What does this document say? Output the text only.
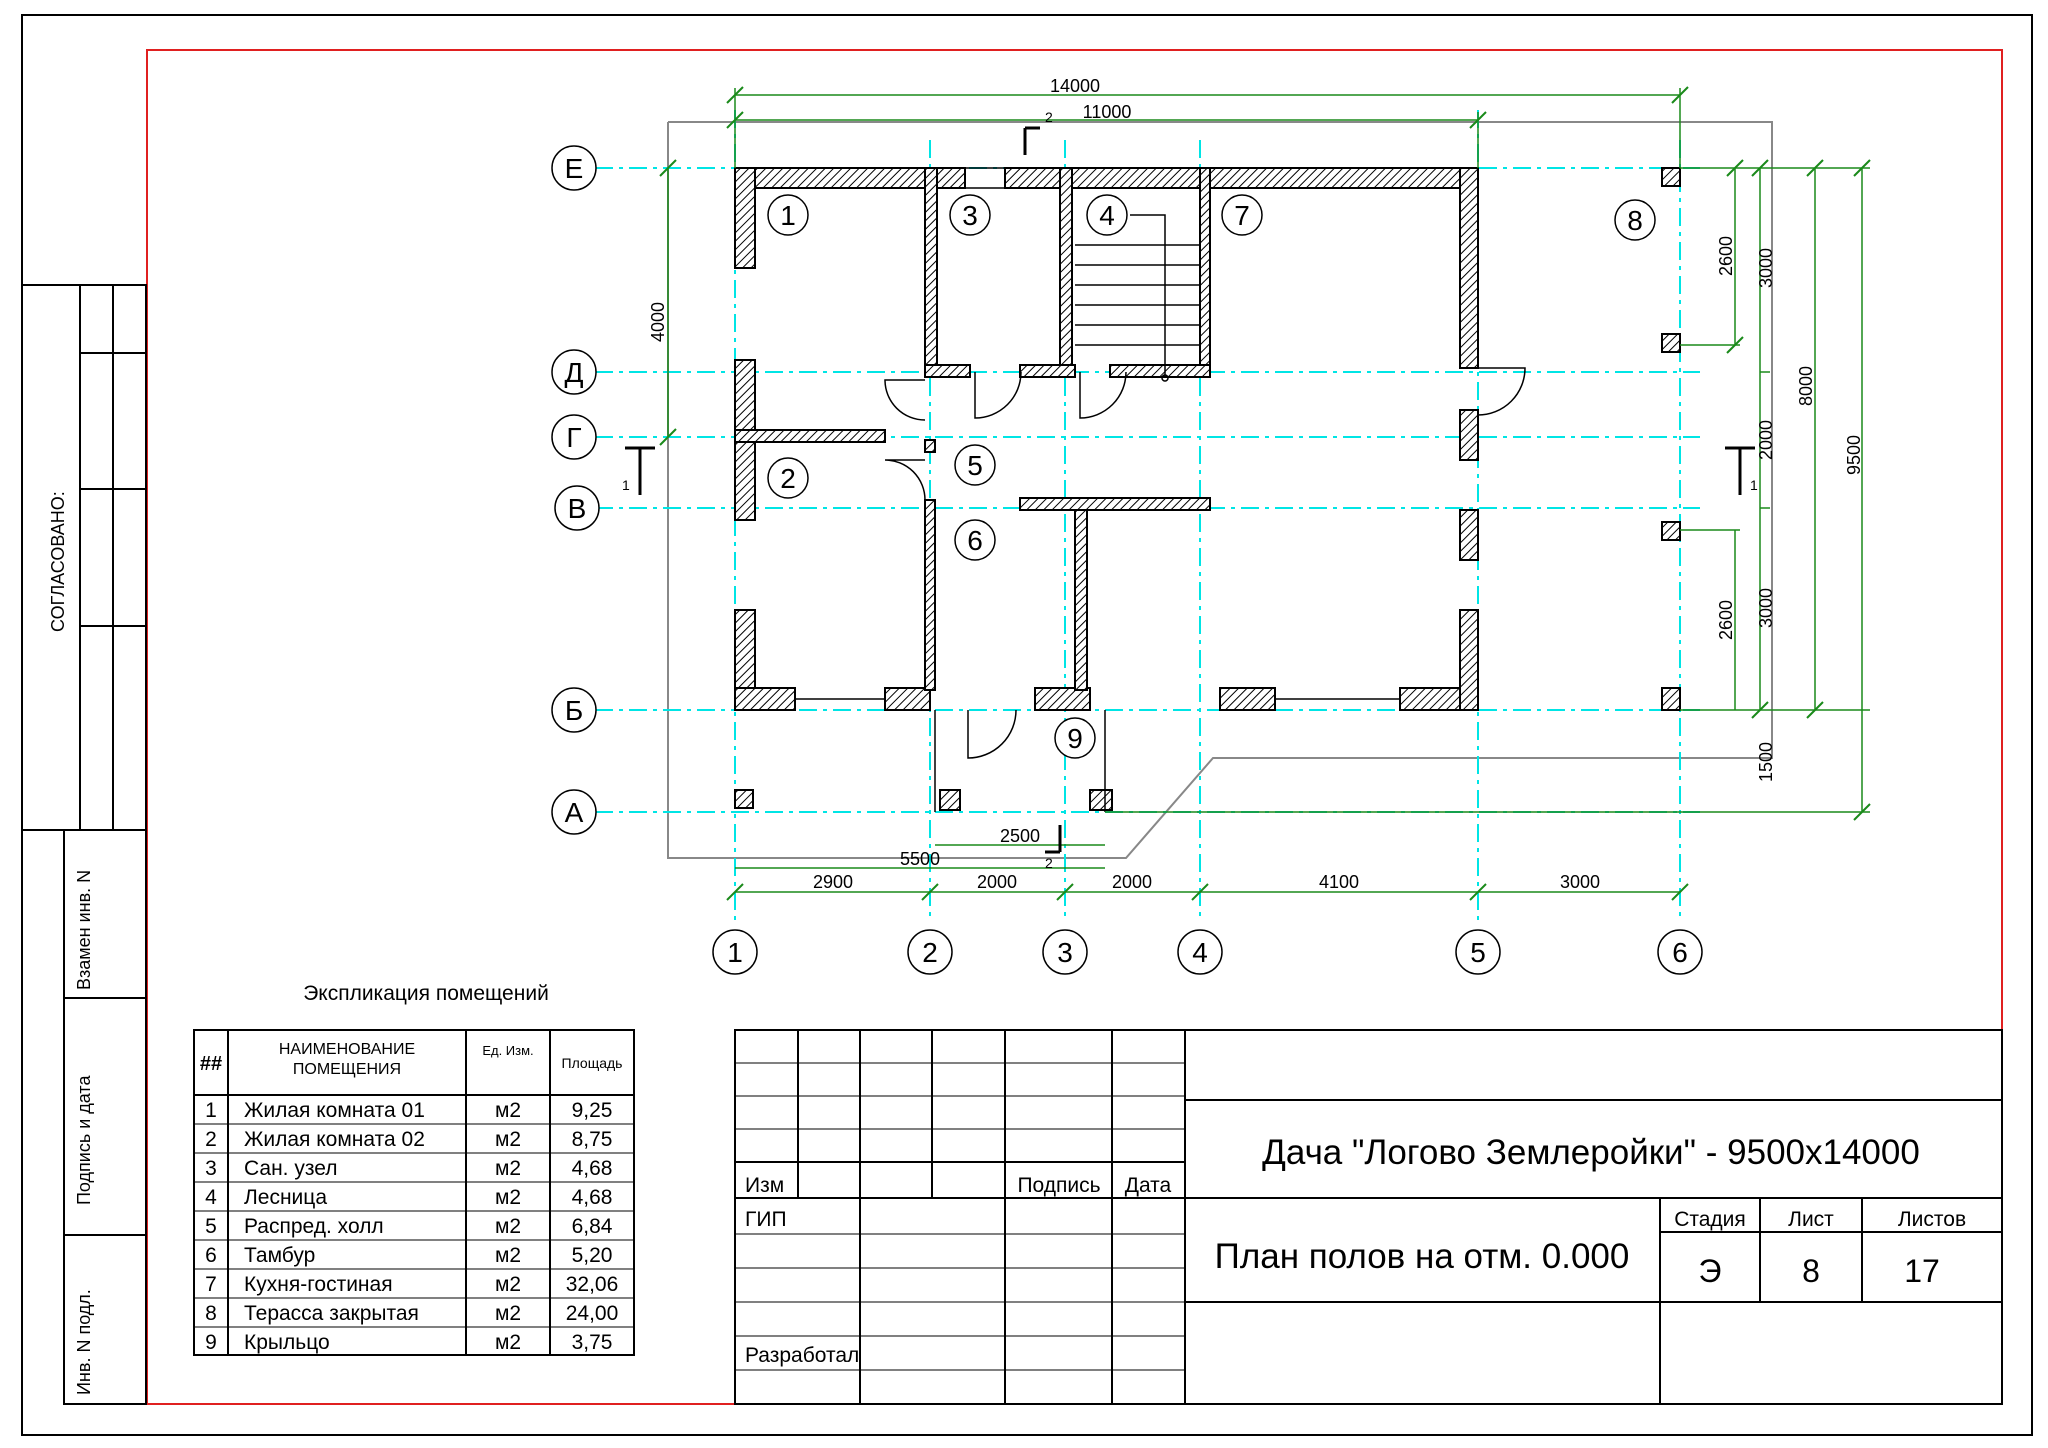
СОГЛАСОВАНО:
Взамен инв. N
Подпись и дата
Инв. N подл.
1
2
3	4
5
6
7	8
9
Е
Д
Г
В
Б
А
1	2	3	4	5	6
14000
11000
4000
2900	2000	2000	4100	3000
5500
2500
2600 3000
2000
2600 3000
1500
8000
9500
1	1
2
2
Экспликация помещений
##
НАИМЕНОВАНИЕ ПОМЕЩЕНИЯ
Ед. Изм.
Площадь
1 Жилая комната 01	м2 9,25
2 Жилая комната 02	м2 8,75
3 Сан. узел	м2 4,68
4 Лесница	м2 4,68
5 Распред. холл	м2 6,84
6 Тамбур	м2 5,20
7 Кухня-гостиная	м2 32,06
8 Терасса закрытая	м2 24,00
9 Крыльцо	м2 3,75
Изм	Подпись Дата
ГИП
Разработал
Дача "Логово Землеройки" - 9500х14000
План полов на отм. 0.000
Стадия Лист	Листов
Э	8	17
